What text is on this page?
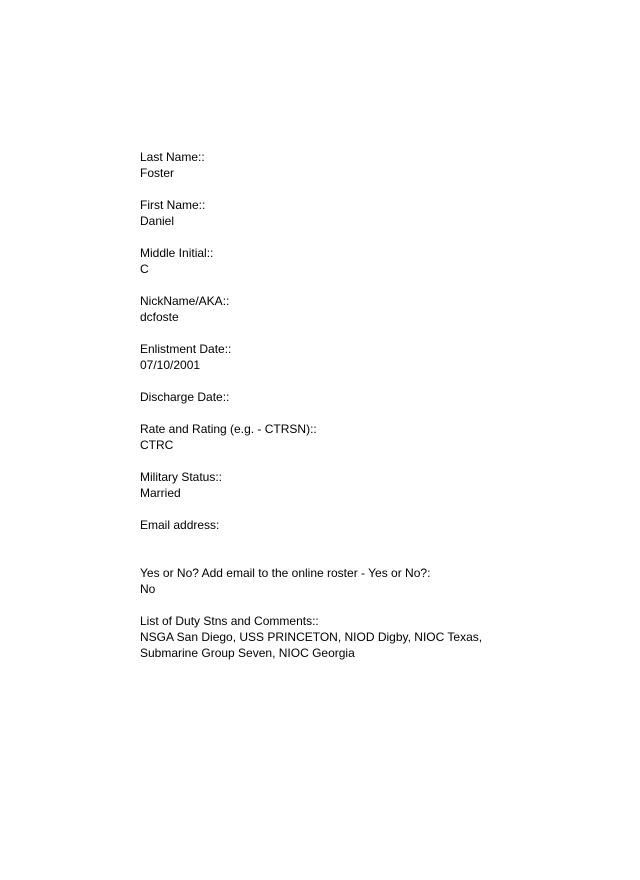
Last Name::
Foster
First Name::
Daniel
Middle Initial::
C
NickName/AKA::
dcfoste
Enlistment Date::
07/10/2001
Discharge Date::
Rate and Rating (e.g. - CTRSN)::
CTRC
Military Status::
Married
Email address:
Yes or No? Add email to the online roster - Yes or No?:
No
List of Duty Stns and Comments::
NSGA San Diego, USS PRINCETON, NIOD Digby, NIOC Texas,
Submarine Group Seven, NIOC Georgia
